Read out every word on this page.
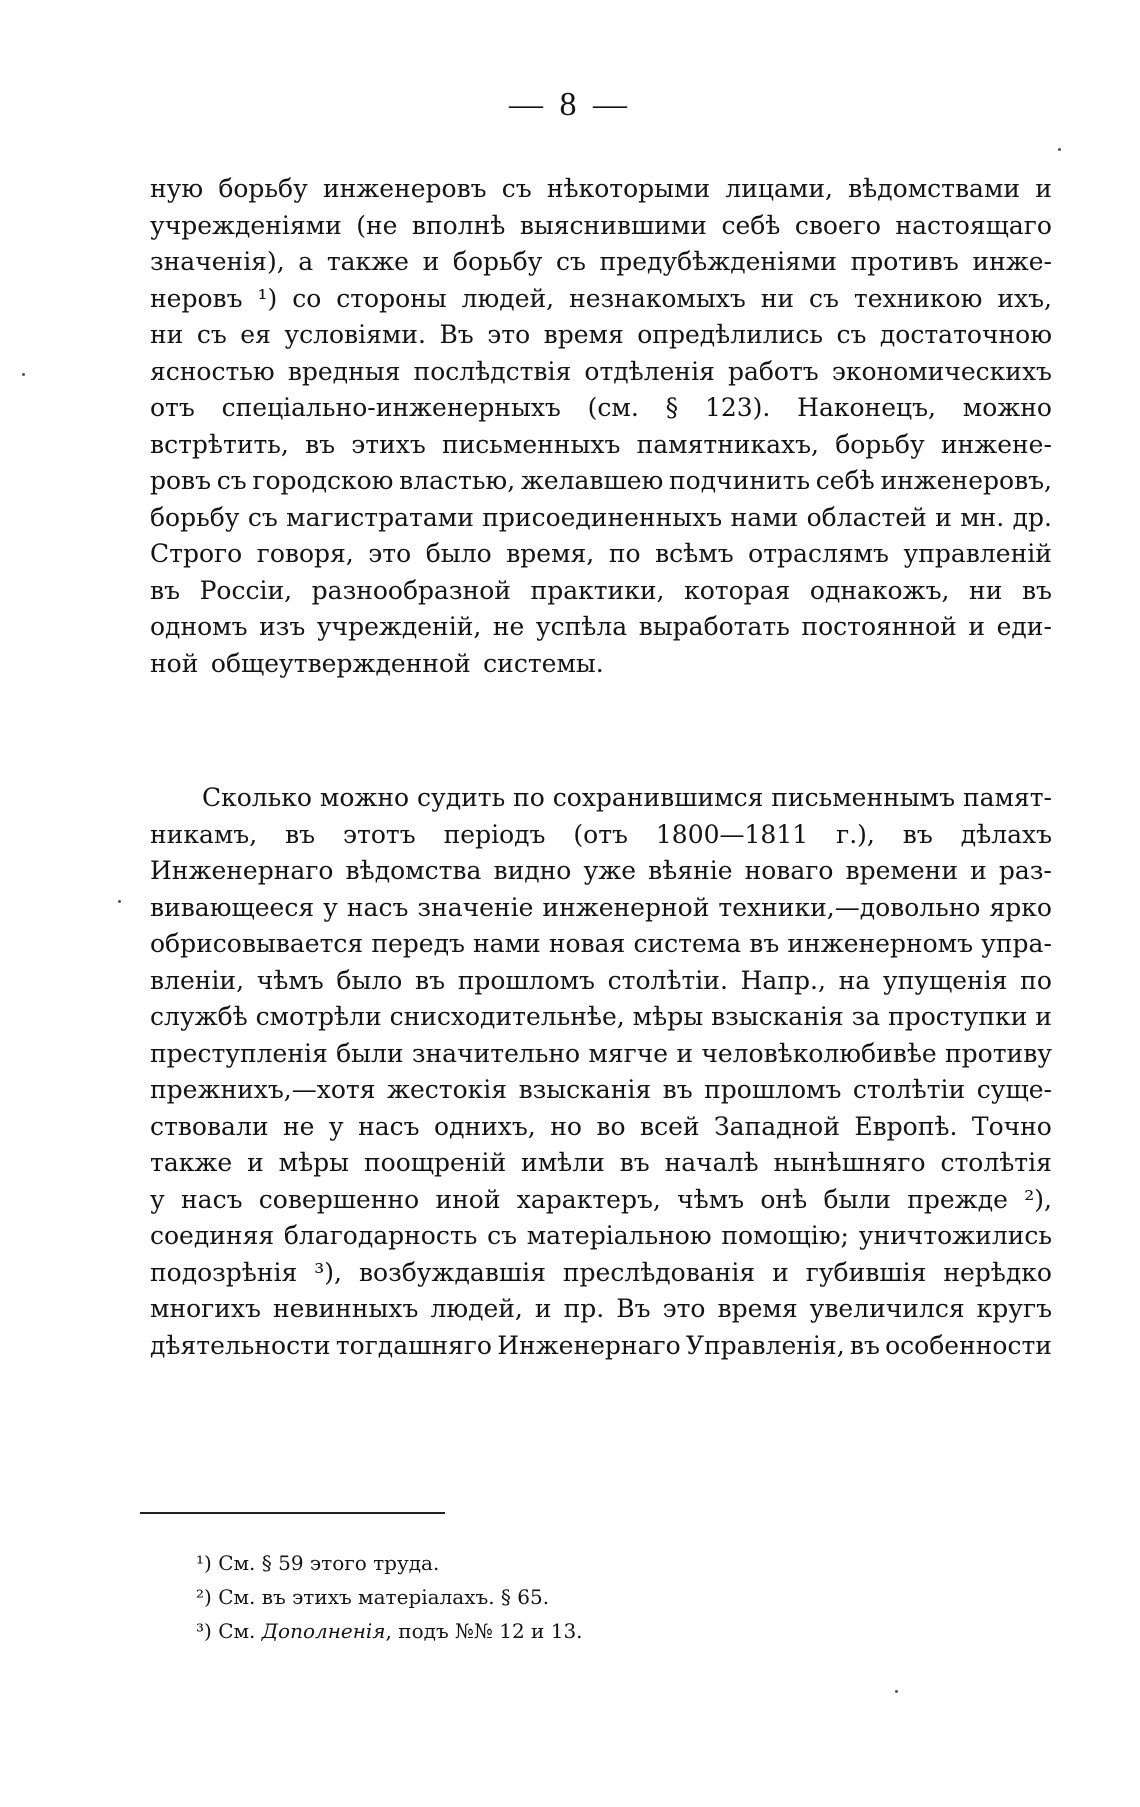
— 8 —
ную борьбу инженеровъ съ нѣкоторыми лицами, вѣдомствами и
учрежденіями (не вполнѣ выяснившими себѣ своего настоящаго
значенія), а также и борьбу съ предубѣжденіями противъ инже-
неровъ ¹) со стороны людей, незнакомыхъ ни съ техникою ихъ,
ни съ ея условіями. Въ это время опредѣлились съ достаточною
ясностью вредныя послѣдствія отдѣленія работъ экономическихъ
отъ спеціально-инженерныхъ (см. § 123). Наконецъ, можно
встрѣтить, въ этихъ письменныхъ памятникахъ, борьбу инжене-
ровъ съ городскою властью, желавшею подчинить себѣ инженеровъ,
борьбу съ магистратами присоединенныхъ нами областей и мн. др.
Строго говоря, это было время, по всѣмъ отраслямъ управленій
въ Россіи, разнообразной практики, которая однакожъ, ни въ
одномъ изъ учрежденій, не успѣла выработать постоянной и еди-
ной общеутвержденной системы.
Сколько можно судить по сохранившимся письменнымъ памят-
никамъ, въ этотъ періодъ (отъ 1800—1811 г.), въ дѣлахъ
Инженернаго вѣдомства видно уже вѣяніе новаго времени и раз-
вивающееся у насъ значеніе инженерной техники,—довольно ярко
обрисовывается передъ нами новая система въ инженерномъ упра-
вленіи, чѣмъ было въ прошломъ столѣтіи. Напр., на упущенія по
службѣ смотрѣли снисходительнѣе, мѣры взысканія за проступки и
преступленія были значительно мягче и человѣколюбивѣе противу
прежнихъ,—хотя жестокія взысканія въ прошломъ столѣтіи суще-
ствовали не у насъ однихъ, но во всей Западной Европѣ. Точно
также и мѣры поощреній имѣли въ началѣ нынѣшняго столѣтія
у насъ совершенно иной характеръ, чѣмъ онѣ были прежде ²),
соединяя благодарность съ матеріальною помощію; уничтожились
подозрѣнія ³), возбуждавшія преслѣдованія и губившія нерѣдко
многихъ невинныхъ людей, и пр. Въ это время увеличился кругъ
дѣятельности тогдашняго Инженернаго Управленія, въ особенности
¹) См. § 59 этого труда.
²) См. въ этихъ матеріалахъ. § 65.
³) См. Дополненія, подъ №№ 12 и 13.
